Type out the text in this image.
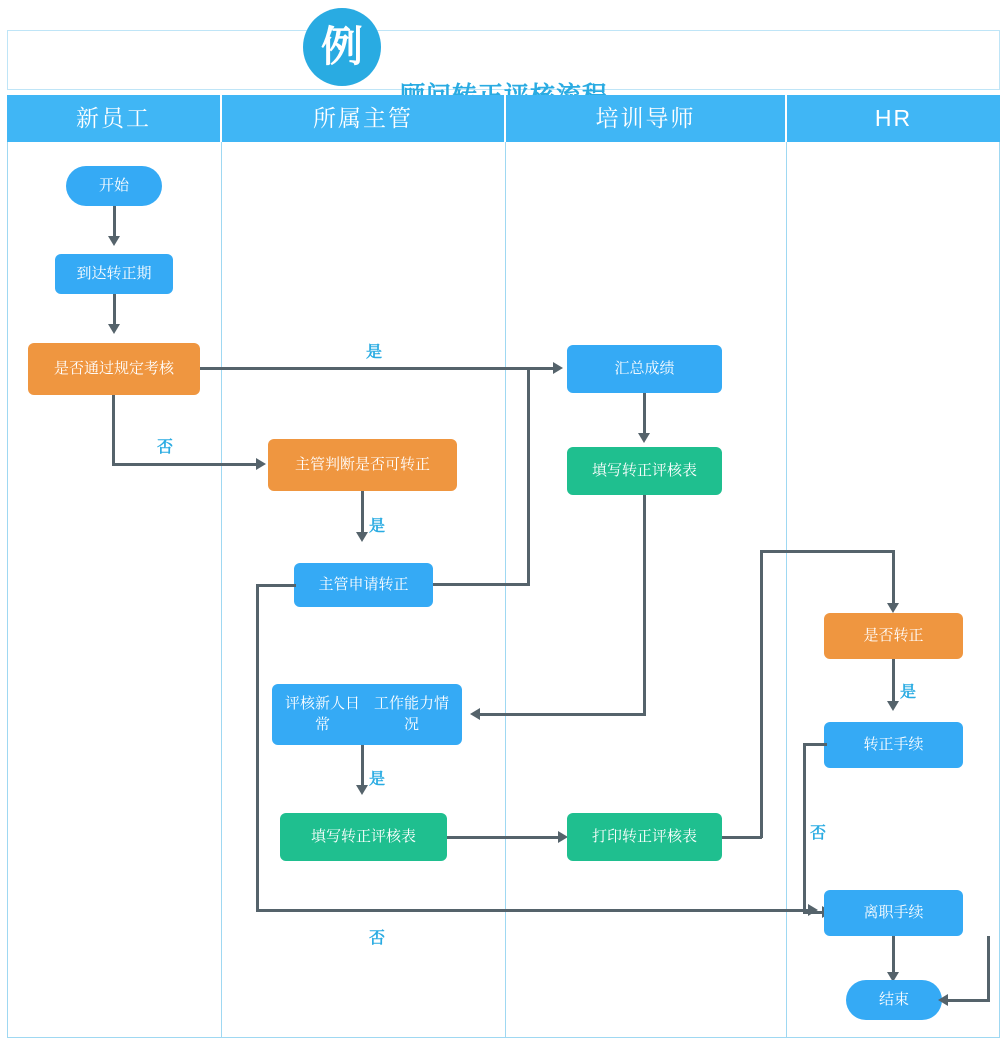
例
新员工	所属主管	培训导师	HR
开始
到达转正期
是否通过规定考核
是
否
主管判断是否可转正
是
主管申请转正
评核新人日常

工作能力情况
是
填写转正评核表
汇总成绩
填写转正评核表
打印转正评核表
是否转正
是
转正手续
否
离职手续
结束
否
